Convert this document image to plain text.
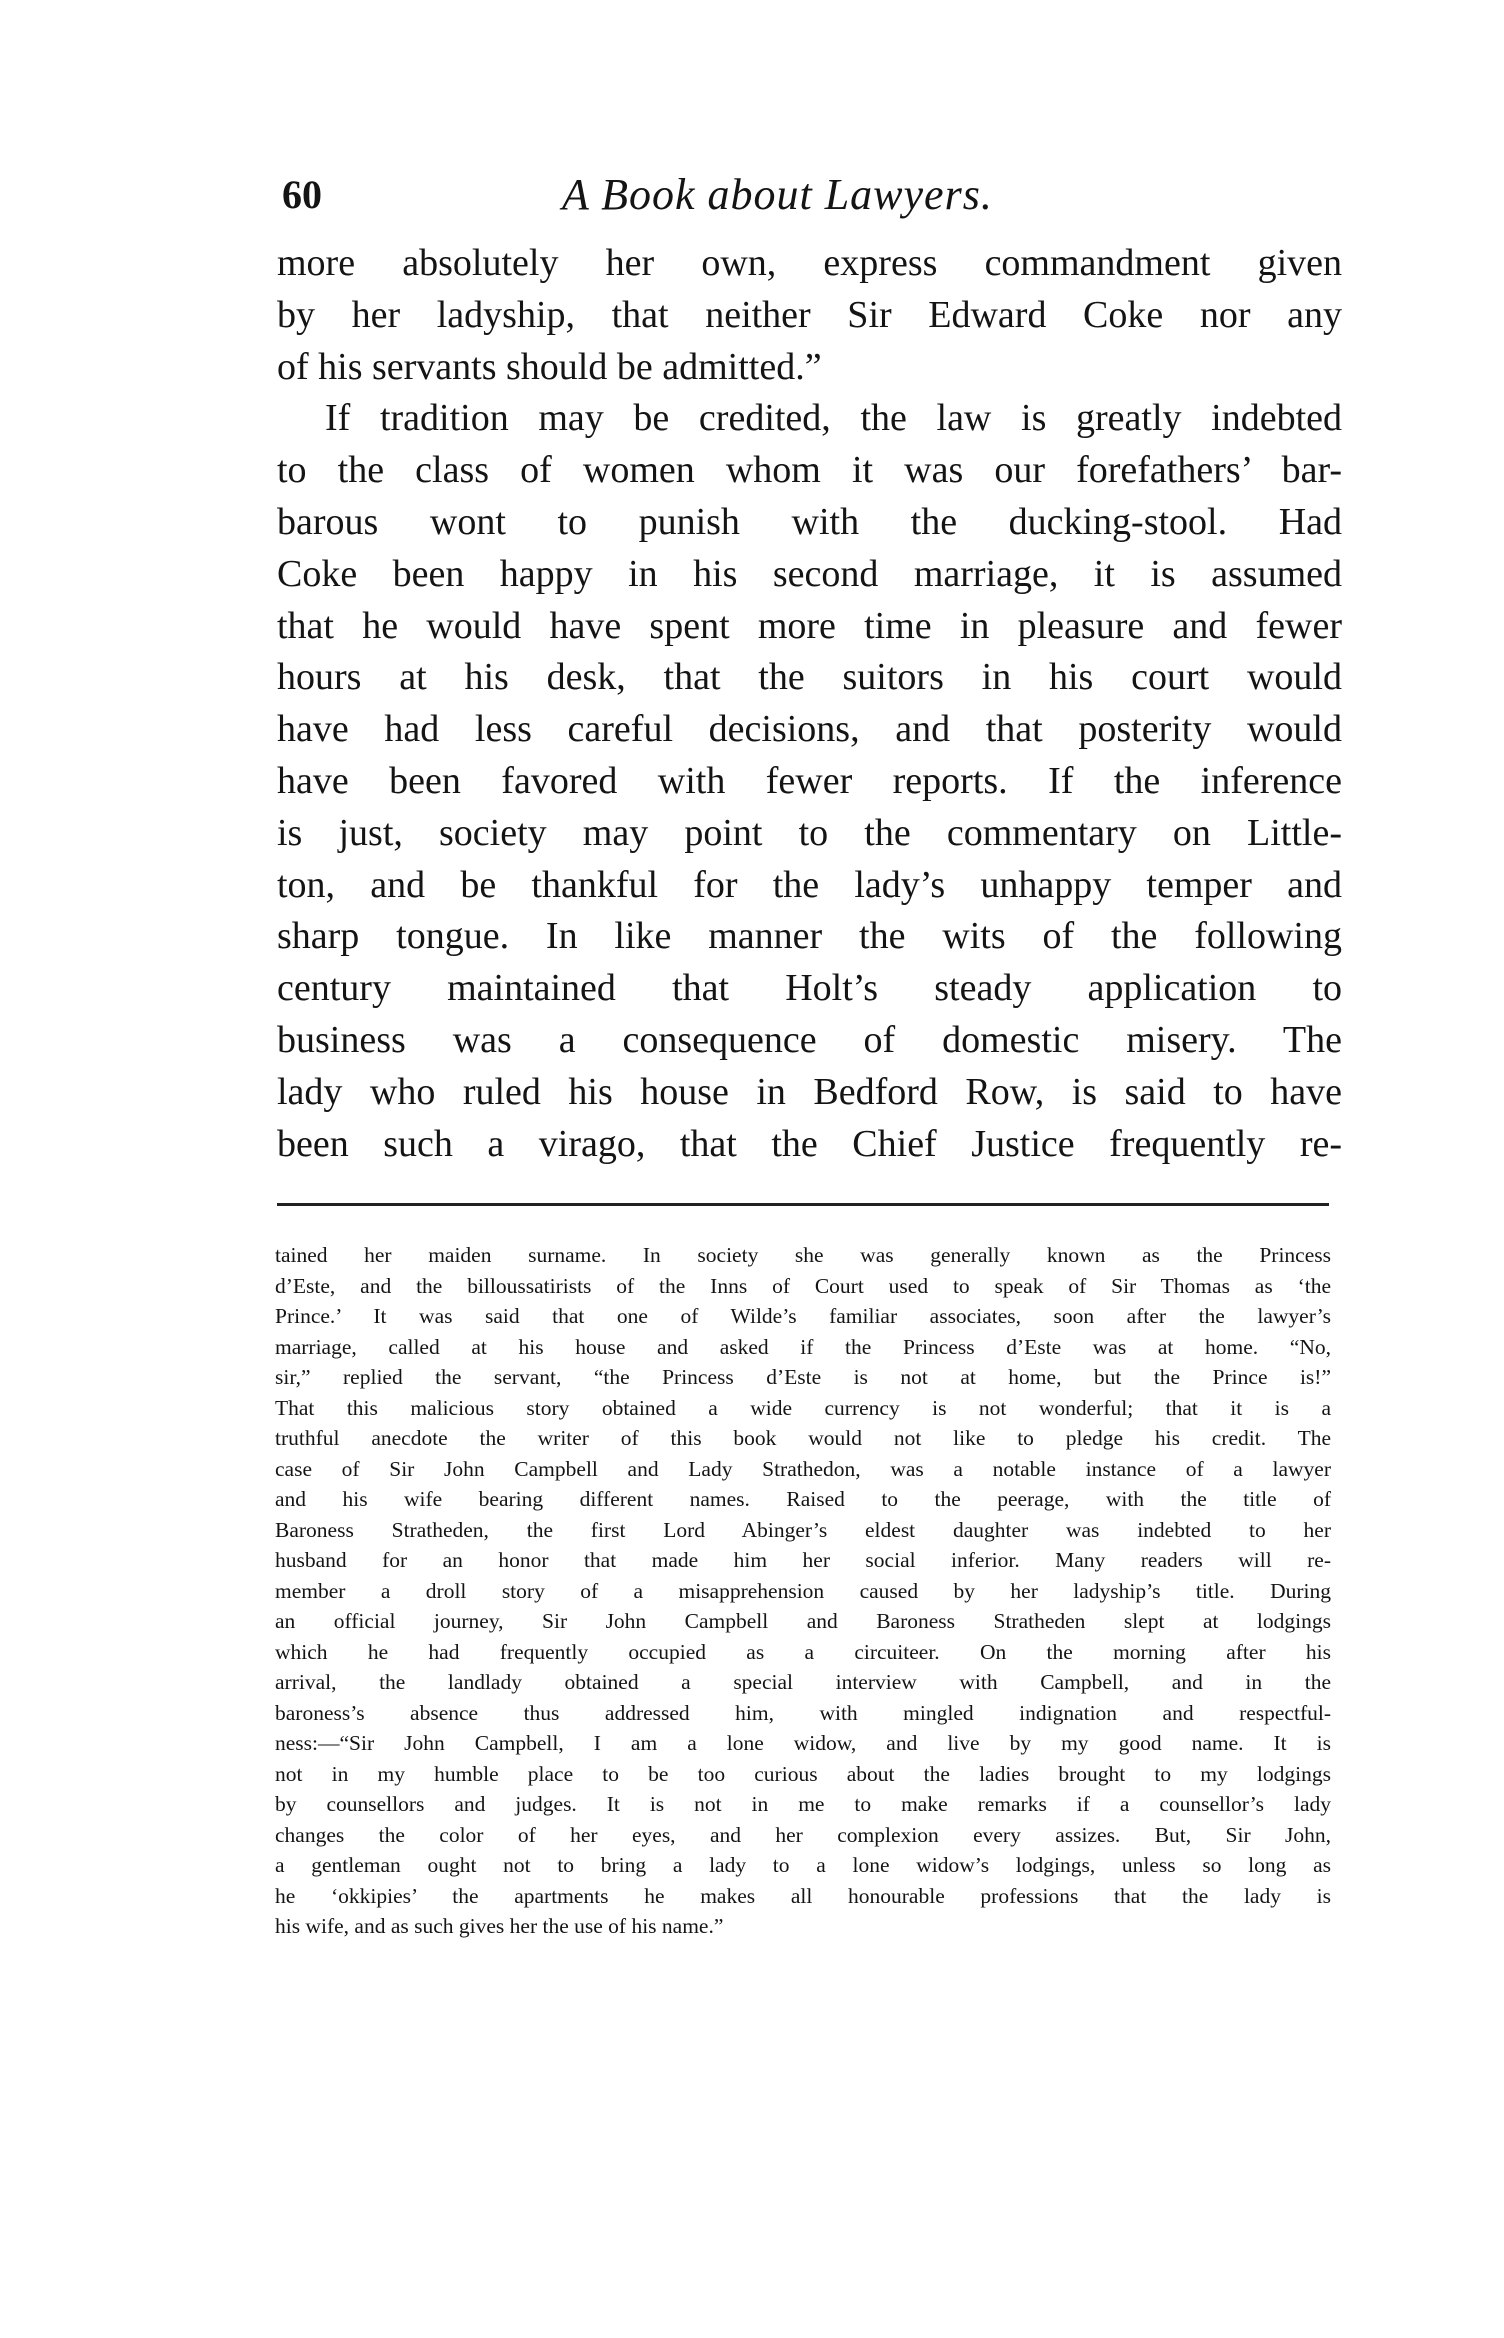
60	A Book about Lawyers.
more absolutely her own, express commandment given
by her ladyship, that neither Sir Edward Coke nor any
of his servants should be admitted.”
If tradition may be credited, the law is greatly indebted
to the class of women whom it was our forefathers’ bar-
barous wont to punish with the ducking-stool. Had
Coke been happy in his second marriage, it is assumed
that he would have spent more time in pleasure and fewer
hours at his desk, that the suitors in his court would
have had less careful decisions, and that posterity would
have been favored with fewer reports. If the inference
is just, society may point to the commentary on Little-
ton, and be thankful for the lady’s unhappy temper and
sharp tongue. In like manner the wits of the following
century maintained that Holt’s steady application to
business was a consequence of domestic misery. The
lady who ruled his house in Bedford Row, is said to have
been such a virago, that the Chief Justice frequently re-
tained her maiden surname. In society she was generally known as the Princess
d’Este, and the billoussatirists of the Inns of Court used to speak of Sir Thomas as ‘the
Prince.’ It was said that one of Wilde’s familiar associates, soon after the lawyer’s
marriage, called at his house and asked if the Princess d’Este was at home. “No,
sir,” replied the servant, “the Princess d’Este is not at home, but the Prince is!”
That this malicious story obtained a wide currency is not wonderful; that it is a
truthful anecdote the writer of this book would not like to pledge his credit. The
case of Sir John Campbell and Lady Strathedon, was a notable instance of a lawyer
and his wife bearing different names. Raised to the peerage, with the title of
Baroness Stratheden, the first Lord Abinger’s eldest daughter was indebted to her
husband for an honor that made him her social inferior. Many readers will re-
member a droll story of a misapprehension caused by her ladyship’s title. During
an official journey, Sir John Campbell and Baroness Stratheden slept at lodgings
which he had frequently occupied as a circuiteer. On the morning after his
arrival, the landlady obtained a special interview with Campbell, and in the
baroness’s absence thus addressed him, with mingled indignation and respectful-
ness:—“Sir John Campbell, I am a lone widow, and live by my good name. It is
not in my humble place to be too curious about the ladies brought to my lodgings
by counsellors and judges. It is not in me to make remarks if a counsellor’s lady
changes the color of her eyes, and her complexion every assizes. But, Sir John,
a gentleman ought not to bring a lady to a lone widow’s lodgings, unless so long as
he ‘okkipies’ the apartments he makes all honourable professions that the lady is
his wife, and as such gives her the use of his name.”
